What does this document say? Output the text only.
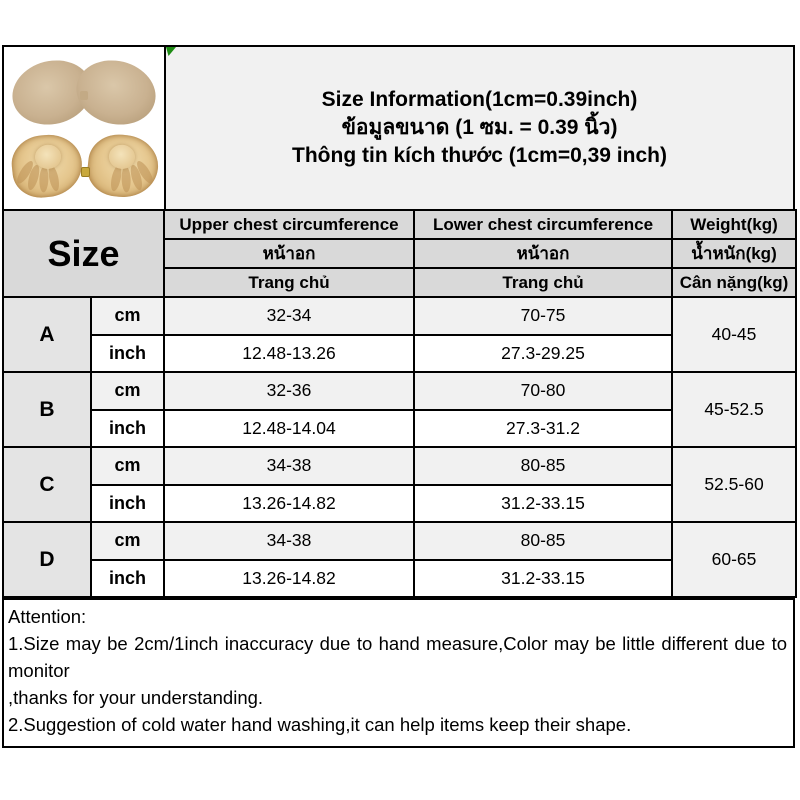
Size Information(1cm=0.39inch)
ข้อมูลขนาด (1 ซม. = 0.39 นิ้ว)
Thông tin kích thước (1cm=0,39 inch)
Size		Upper chest circumference	Lower chest circumference	Weight(kg)
		หน้าอก	หน้าอก	น้ำหนัก(kg)
		Trang chủ	Trang chủ	Cân nặng(kg)
A	cm	32-34	70-75	40-45
	inch	12.48-13.26	27.3-29.25	
B	cm	32-36	70-80	45-52.5
	inch	12.48-14.04	27.3-31.2	
C	cm	34-38	80-85	52.5-60
	inch	13.26-14.82	31.2-33.15	
D	cm	34-38	80-85	60-65
	inch	13.26-14.82	31.2-33.15	
Attention:
1.Size may be 2cm/1inch inaccuracy due to hand measure,Color may be little different due to monitor
,thanks for your understanding.
2.Suggestion of cold water hand washing,it can help items keep their shape.
